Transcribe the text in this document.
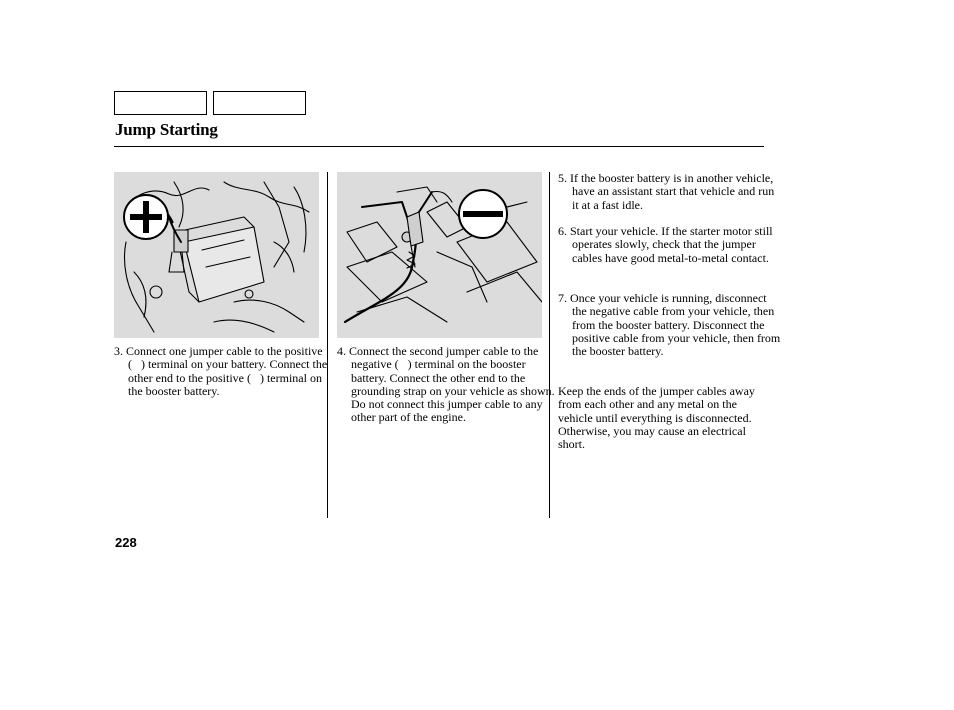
Jump Starting

3. Connect one jumper cable to the positive (   ) terminal on your battery. Connect the other end to the positive (   ) terminal on the booster battery.

4. Connect the second jumper cable to the negative (   ) terminal on the booster battery. Connect the other end to the grounding strap on your vehicle as shown. Do not connect this jumper cable to any other part of the engine.

5. If the booster battery is in another vehicle, have an assistant start that vehicle and run it at a fast idle.

6. Start your vehicle. If the starter motor still operates slowly, check that the jumper cables have good metal-to-metal contact.

7. Once your vehicle is running, disconnect the negative cable from your vehicle, then from the booster battery. Disconnect the positive cable from your vehicle, then from the booster battery.

Keep the ends of the jumper cables away from each other and any metal on the vehicle until everything is disconnected. Otherwise, you may cause an electrical short.

228
